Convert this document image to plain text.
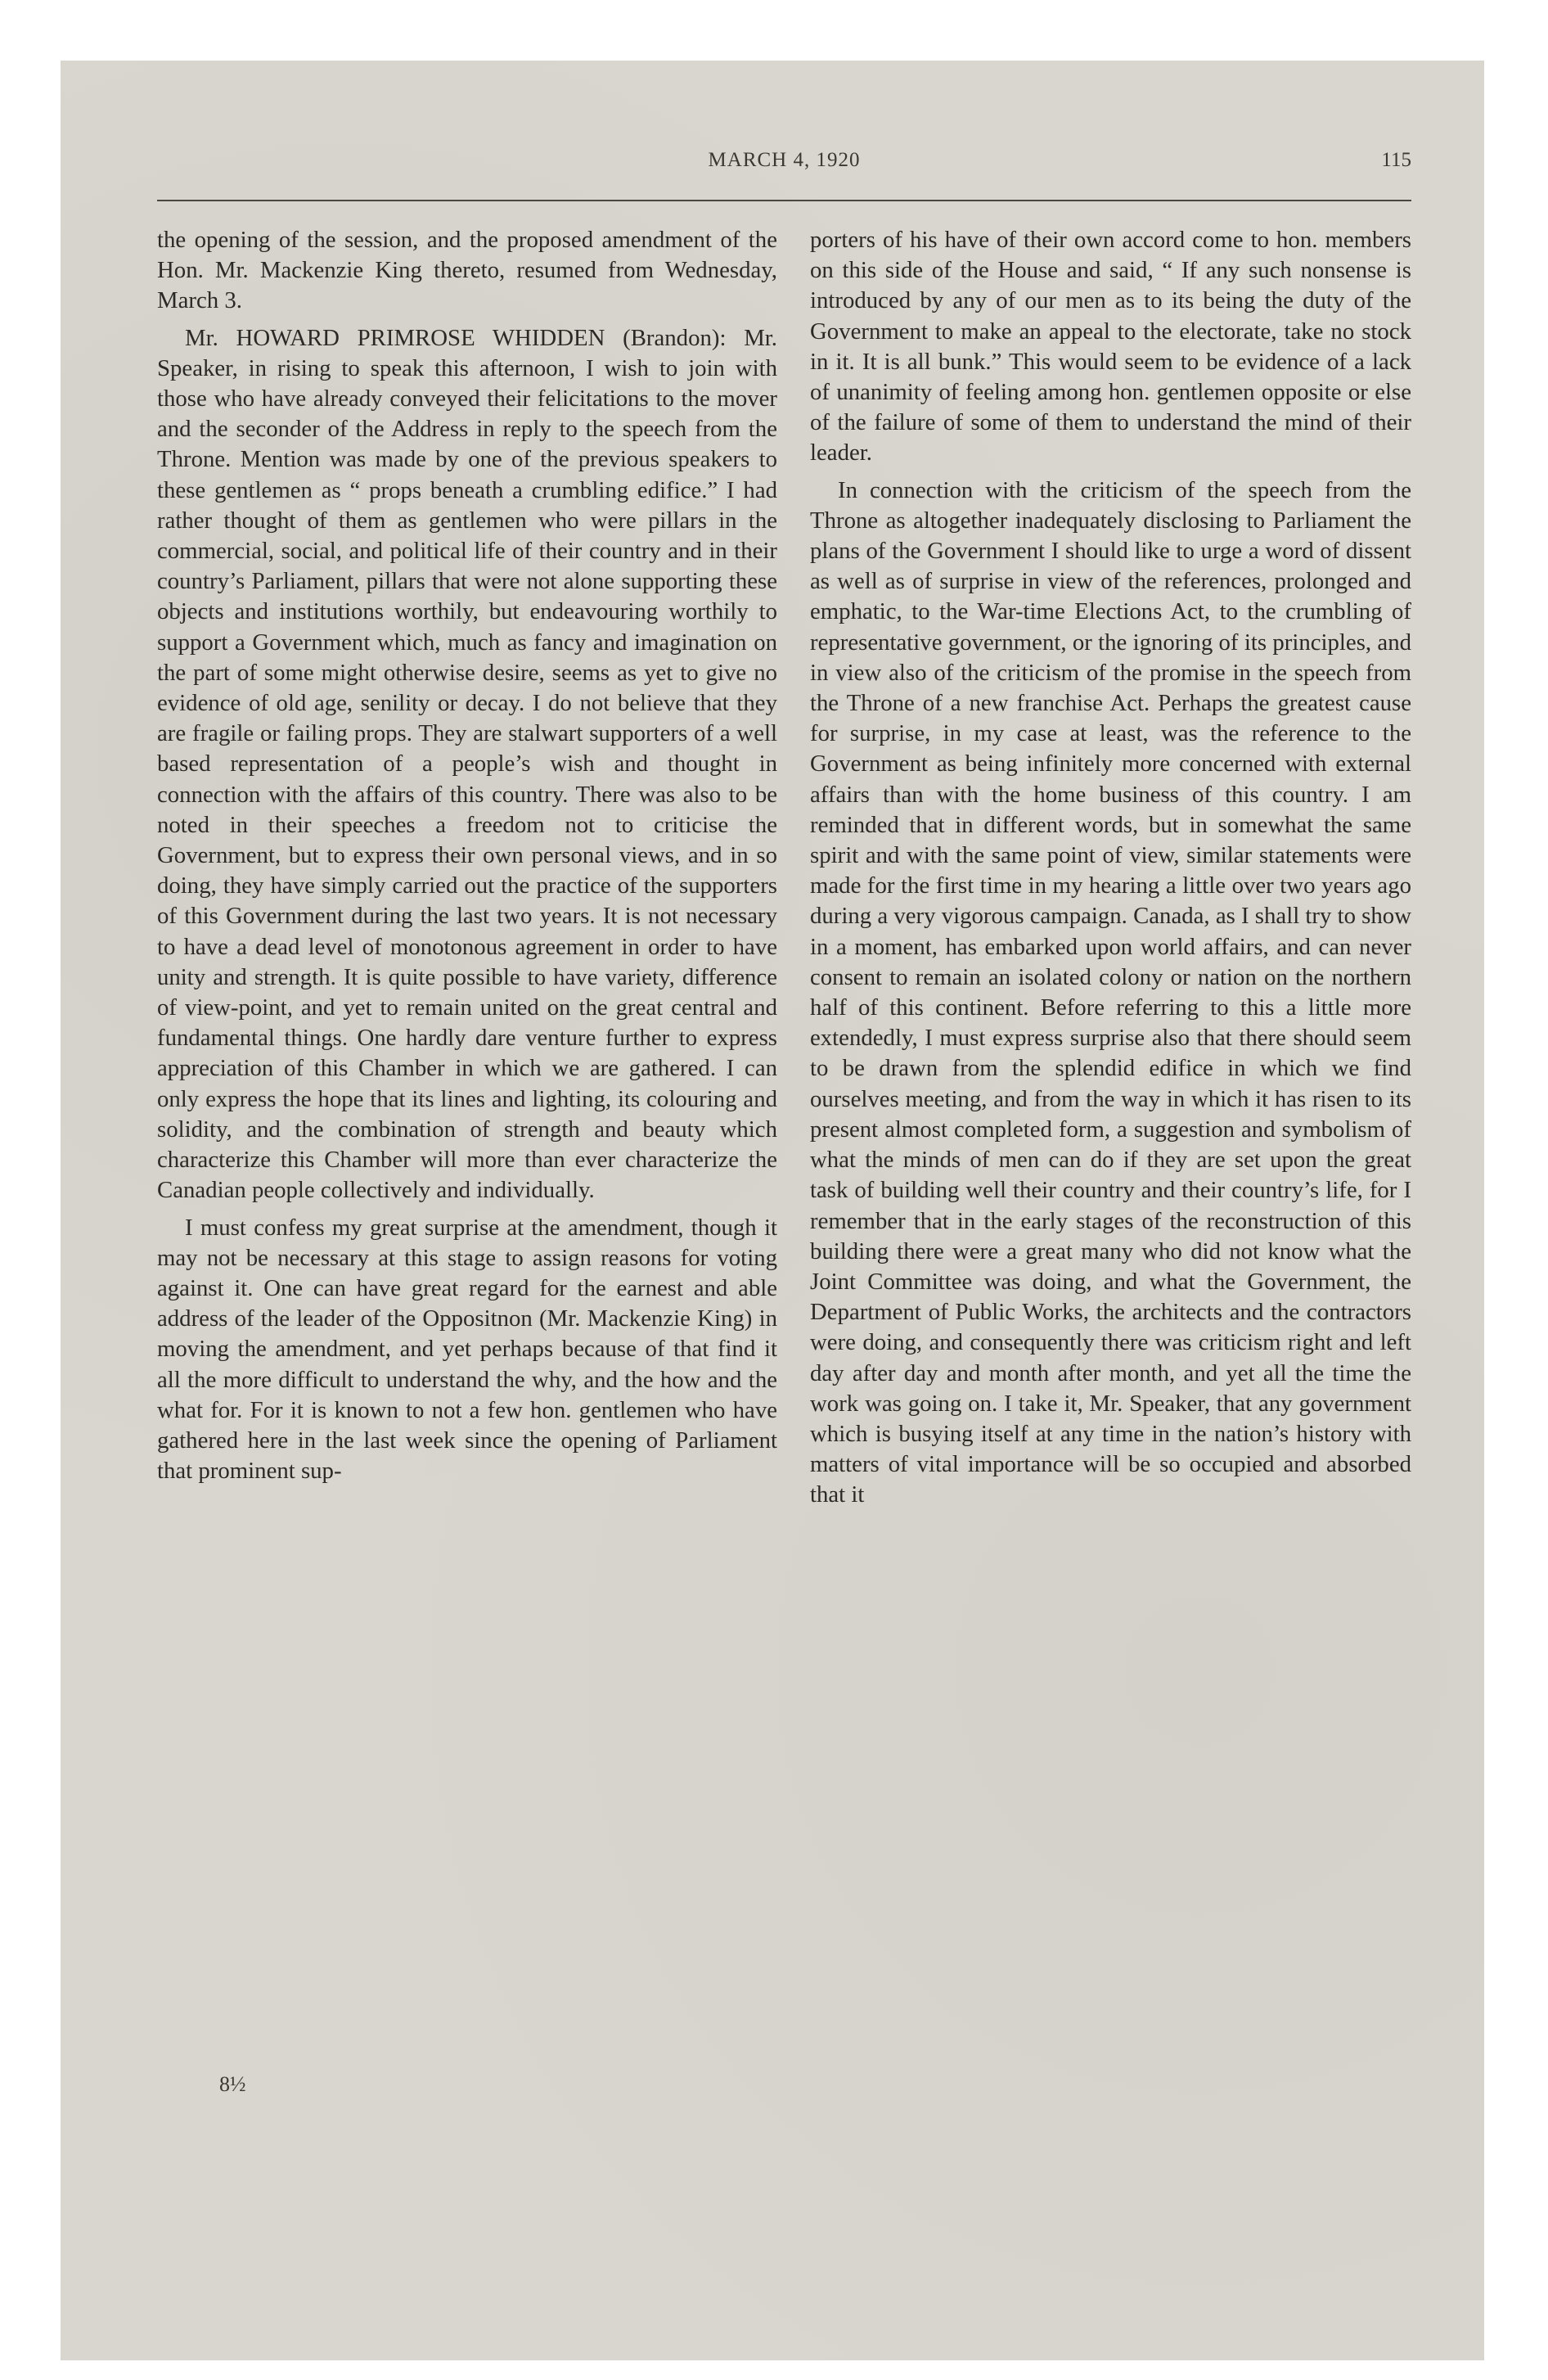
MARCH 4, 1920	115

the opening of the session, and the proposed amendment of the Hon. Mr. Mackenzie King thereto, resumed from Wednesday, March 3.

Mr. HOWARD PRIMROSE WHIDDEN (Brandon): Mr. Speaker, in rising to speak this afternoon, I wish to join with those who have already conveyed their felicitations to the mover and the seconder of the Address in reply to the speech from the Throne. Mention was made by one of the previous speakers to these gentlemen as “ props beneath a crumbling edifice.” I had rather thought of them as gentlemen who were pillars in the commercial, social, and political life of their country and in their country’s Parliament, pillars that were not alone supporting these objects and institutions worthily, but endeavouring worthily to support a Government which, much as fancy and imagination on the part of some might otherwise desire, seems as yet to give no evidence of old age, senility or decay. I do not believe that they are fragile or failing props. They are stalwart supporters of a well based representation of a people’s wish and thought in connection with the affairs of this country. There was also to be noted in their speeches a freedom not to criticise the Government, but to express their own personal views, and in so doing, they have simply carried out the practice of the supporters of this Government during the last two years. It is not necessary to have a dead level of monotonous agreement in order to have unity and strength. It is quite possible to have variety, difference of view-point, and yet to remain united on the great central and fundamental things. One hardly dare venture further to express appreciation of this Chamber in which we are gathered. I can only express the hope that its lines and lighting, its colouring and solidity, and the combination of strength and beauty which characterize this Chamber will more than ever characterize the Canadian people collectively and individually.

I must confess my great surprise at the amendment, though it may not be necessary at this stage to assign reasons for voting against it. One can have great regard for the earnest and able address of the leader of the Oppositnon (Mr. Mackenzie King) in moving the amendment, and yet perhaps because of that find it all the more difficult to understand the why, and the how and the what for. For it is known to not a few hon. gentlemen who have gathered here in the last week since the opening of Parliament that prominent sup-

porters of his have of their own accord come to hon. members on this side of the House and said, “ If any such nonsense is introduced by any of our men as to its being the duty of the Government to make an appeal to the electorate, take no stock in it. It is all bunk.” This would seem to be evidence of a lack of unanimity of feeling among hon. gentlemen opposite or else of the failure of some of them to understand the mind of their leader.

In connection with the criticism of the speech from the Throne as altogether inadequately disclosing to Parliament the plans of the Government I should like to urge a word of dissent as well as of surprise in view of the references, prolonged and emphatic, to the War-time Elections Act, to the crumbling of representative government, or the ignoring of its principles, and in view also of the criticism of the promise in the speech from the Throne of a new franchise Act. Perhaps the greatest cause for surprise, in my case at least, was the reference to the Government as being infinitely more concerned with external affairs than with the home business of this country. I am reminded that in different words, but in somewhat the same spirit and with the same point of view, similar statements were made for the first time in my hearing a little over two years ago during a very vigorous campaign. Canada, as I shall try to show in a moment, has embarked upon world affairs, and can never consent to remain an isolated colony or nation on the northern half of this continent. Before referring to this a little more extendedly, I must express surprise also that there should seem to be drawn from the splendid edifice in which we find ourselves meeting, and from the way in which it has risen to its present almost completed form, a suggestion and symbolism of what the minds of men can do if they are set upon the great task of building well their country and their country’s life, for I remember that in the early stages of the reconstruction of this building there were a great many who did not know what the Joint Committee was doing, and what the Government, the Department of Public Works, the architects and the contractors were doing, and consequently there was criticism right and left day after day and month after month, and yet all the time the work was going on. I take it, Mr. Speaker, that any government which is busying itself at any time in the nation’s history with matters of vital importance will be so occupied and absorbed that it

8½
